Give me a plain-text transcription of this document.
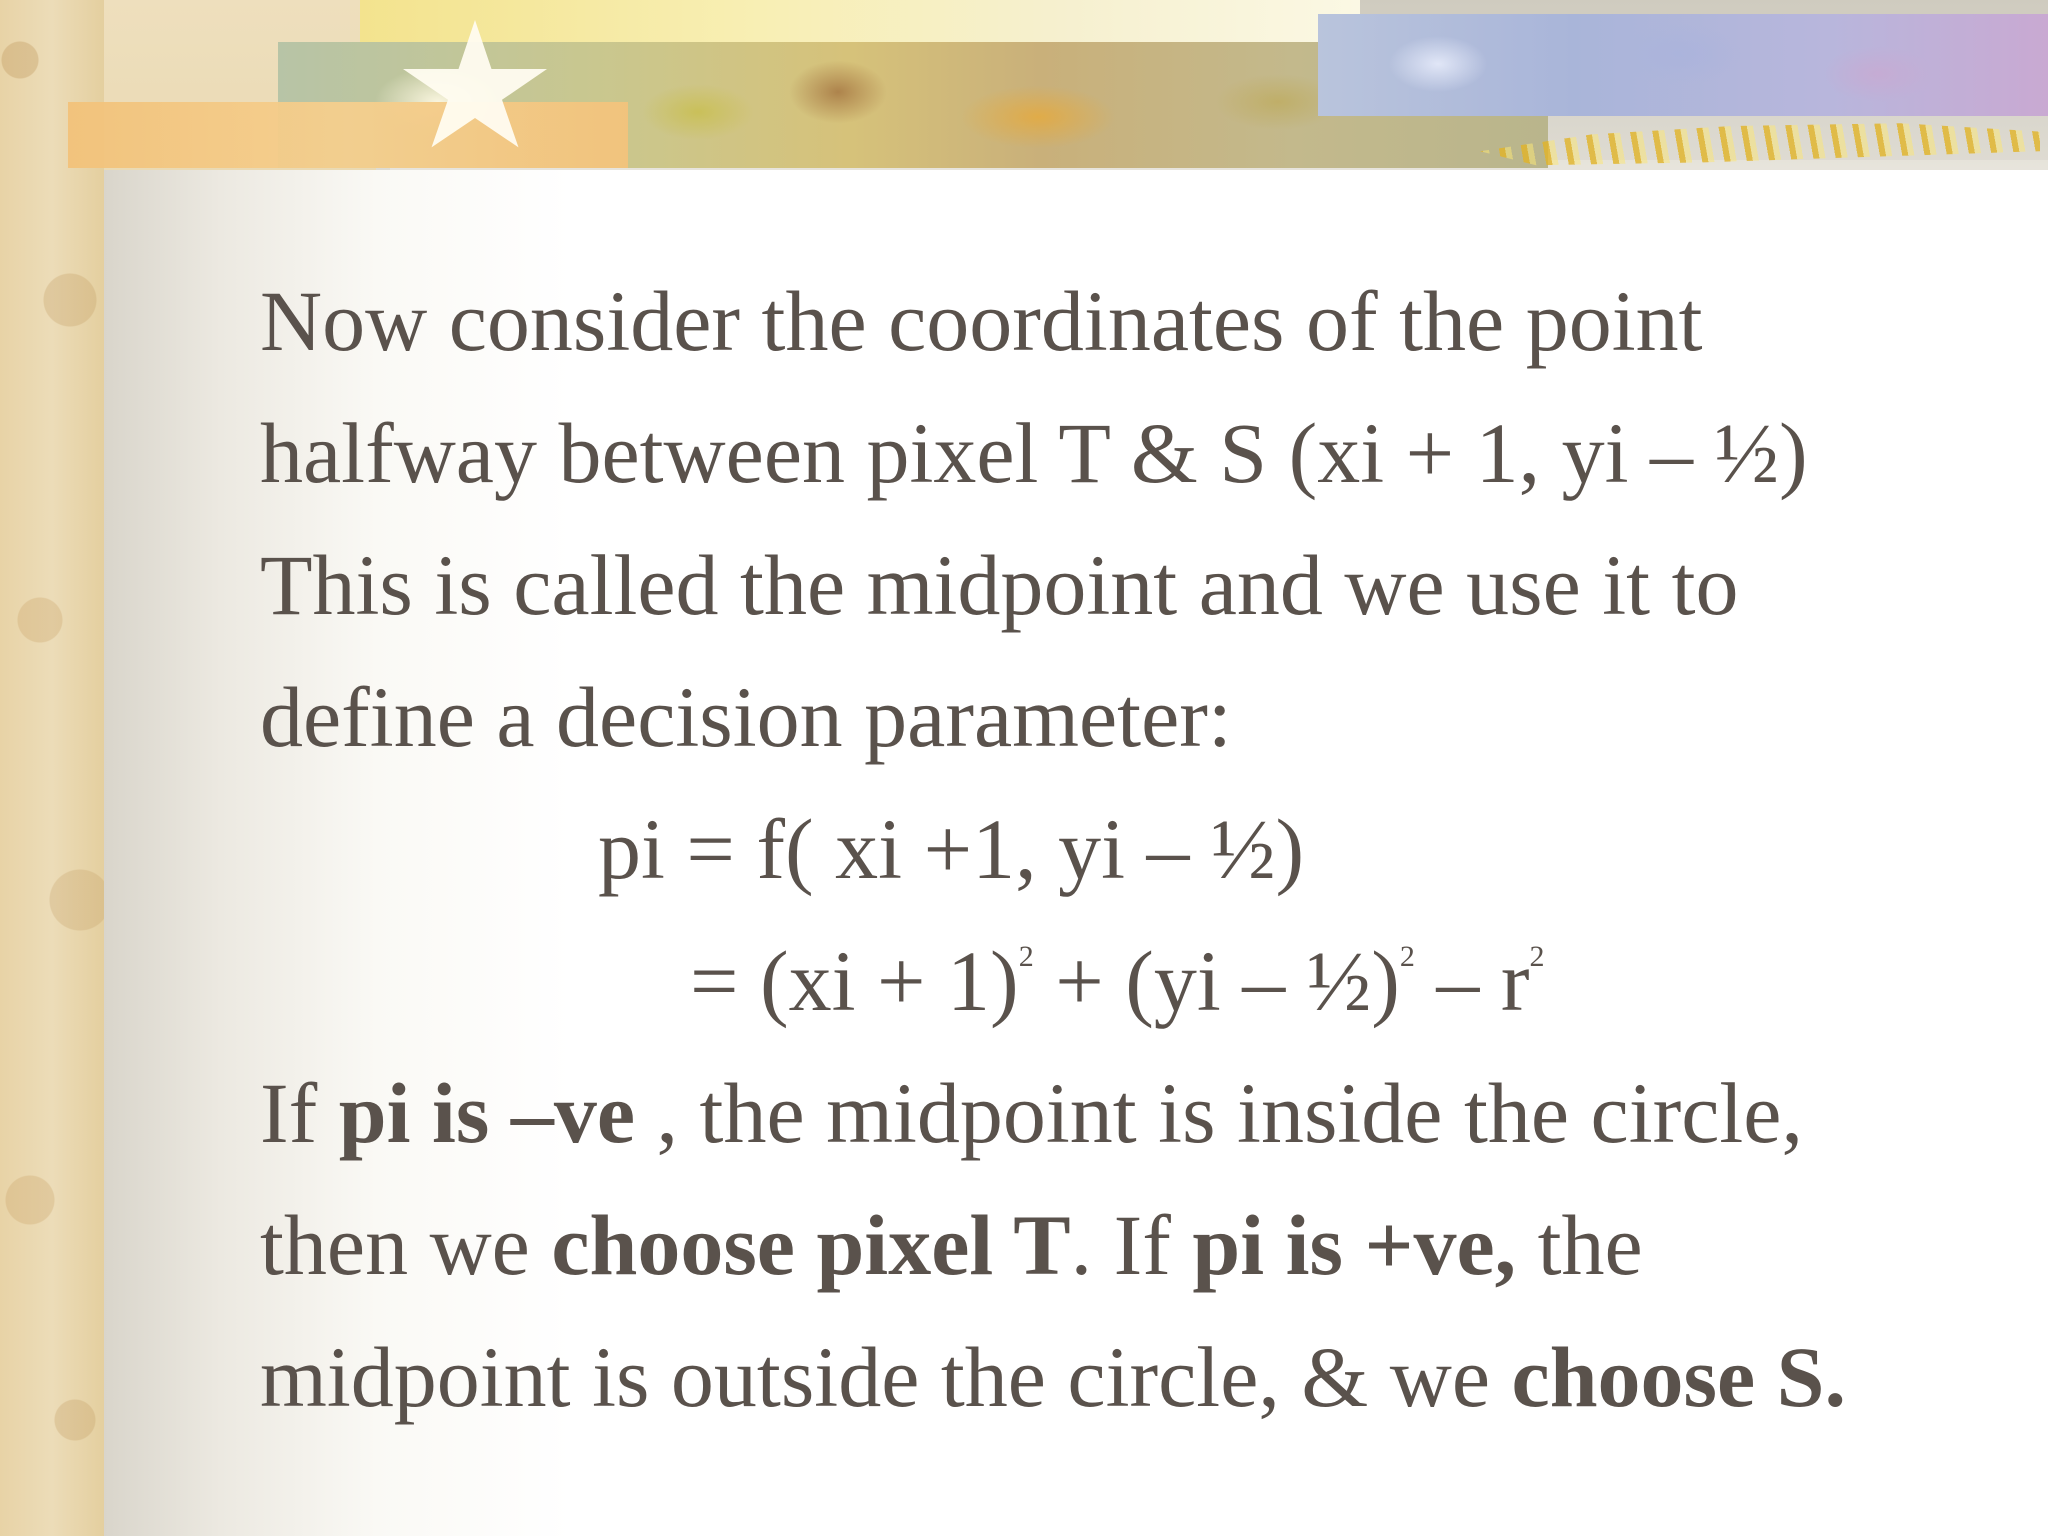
Now consider the coordinates of the point
halfway between pixel T & S (xi + 1, yi – ½)
This is called the midpoint and we use it to
define a decision parameter:
pi = f( xi +1, yi – ½)
= (xi + 1)$^2$ + (yi – ½)$^2$ – $r^2$
If pi is –ve , the midpoint is inside the circle,
then we choose pixel T. If pi is +ve, the
midpoint is outside the circle, & we choose S.
